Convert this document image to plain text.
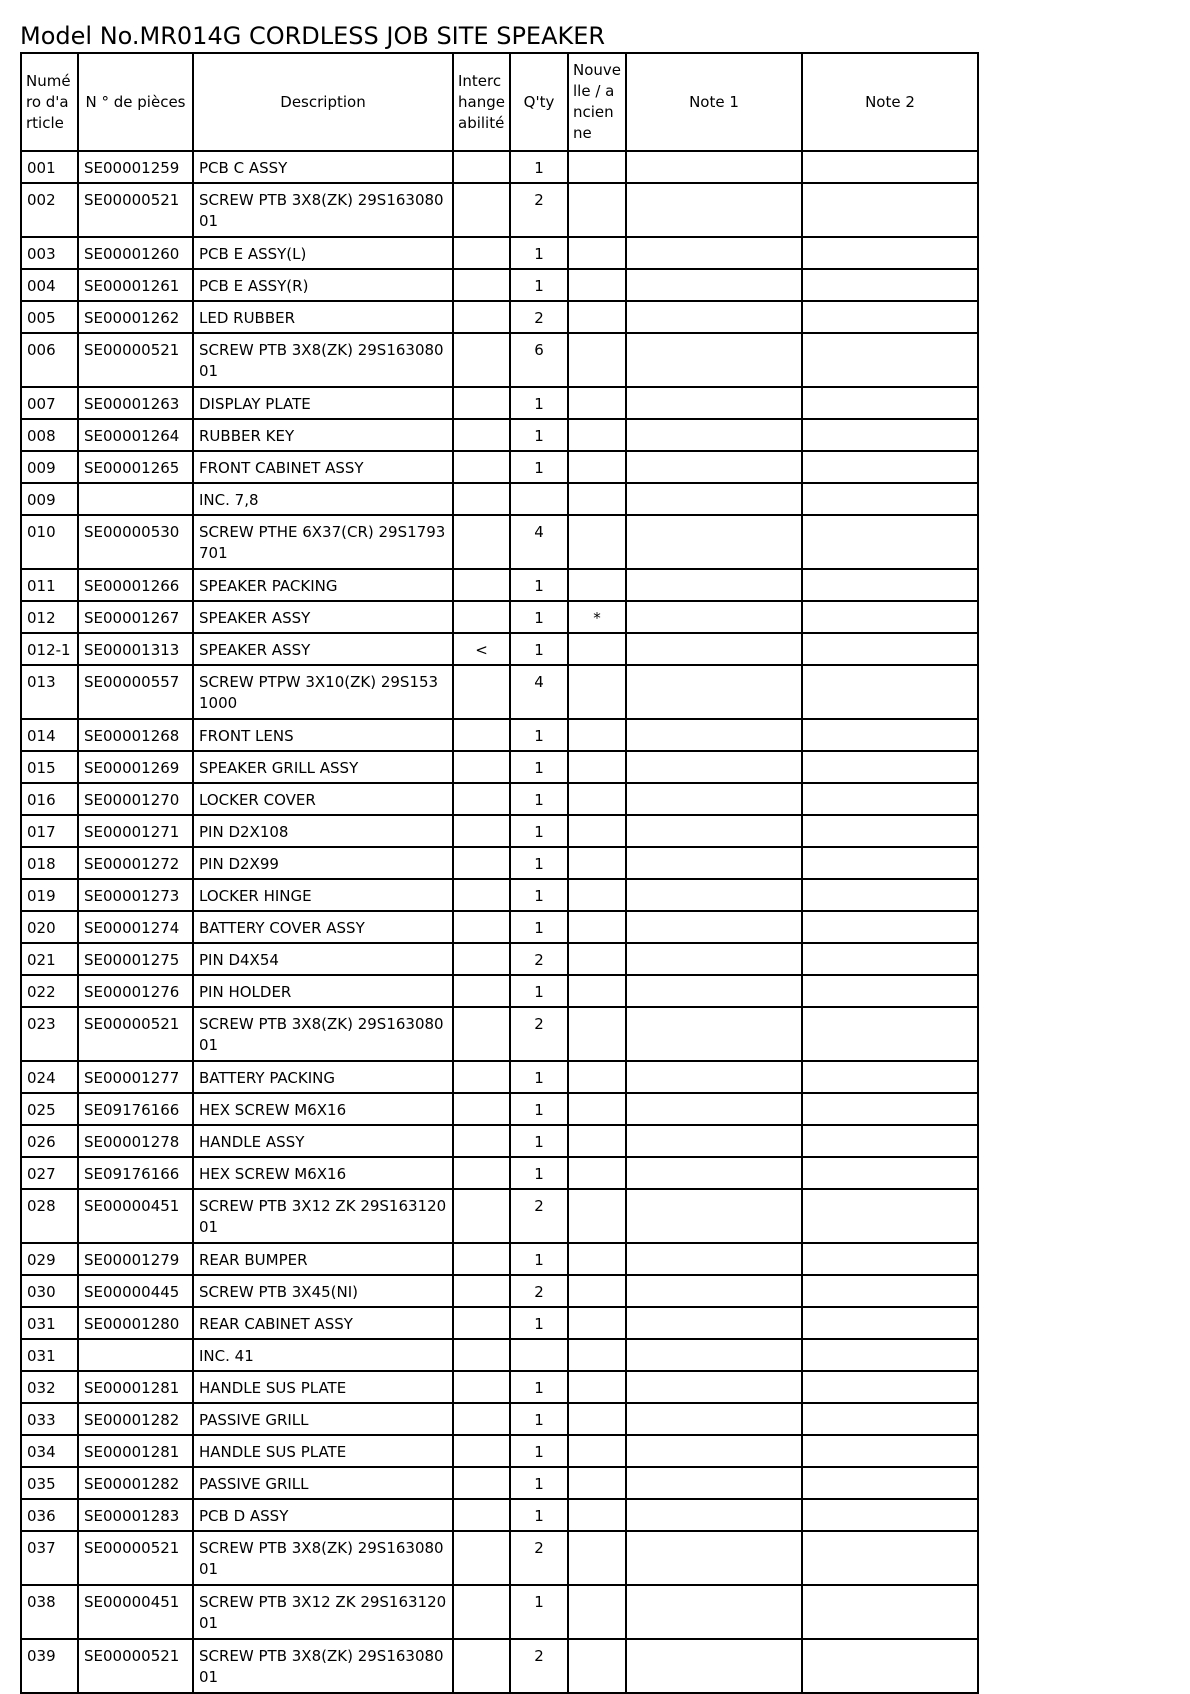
Model No.MR014G CORDLESS JOB SITE SPEAKER
Numéro d'article	N ° de pièces	Description	Interchangeabilité	Q'ty	Nouvelle / ancienne	Note 1	Note 2
001	SE00001259	PCB C ASSY		1			
002	SE00000521	SCREW PTB 3X8(ZK) 29S16308001		2			
003	SE00001260	PCB E ASSY(L)		1			
004	SE00001261	PCB E ASSY(R)		1			
005	SE00001262	LED RUBBER		2			
006	SE00000521	SCREW PTB 3X8(ZK) 29S16308001		6			
007	SE00001263	DISPLAY PLATE		1			
008	SE00001264	RUBBER KEY		1			
009	SE00001265	FRONT CABINET ASSY		1			
009		INC. 7,8					
010	SE00000530	SCREW PTHE 6X37(CR) 29S1793701		4			
011	SE00001266	SPEAKER PACKING		1			
012	SE00001267	SPEAKER ASSY		1	*		
012-1	SE00001313	SPEAKER ASSY	<	1			
013	SE00000557	SCREW PTPW 3X10(ZK) 29S1531000		4			
014	SE00001268	FRONT LENS		1			
015	SE00001269	SPEAKER GRILL ASSY		1			
016	SE00001270	LOCKER COVER		1			
017	SE00001271	PIN D2X108		1			
018	SE00001272	PIN D2X99		1			
019	SE00001273	LOCKER HINGE		1			
020	SE00001274	BATTERY COVER ASSY		1			
021	SE00001275	PIN D4X54		2			
022	SE00001276	PIN HOLDER		1			
023	SE00000521	SCREW PTB 3X8(ZK) 29S16308001		2			
024	SE00001277	BATTERY PACKING		1			
025	SE09176166	HEX SCREW M6X16		1			
026	SE00001278	HANDLE ASSY		1			
027	SE09176166	HEX SCREW M6X16		1			
028	SE00000451	SCREW PTB 3X12 ZK 29S16312001		2			
029	SE00001279	REAR BUMPER		1			
030	SE00000445	SCREW PTB 3X45(NI)		2			
031	SE00001280	REAR CABINET ASSY		1			
031		INC. 41					
032	SE00001281	HANDLE SUS PLATE		1			
033	SE00001282	PASSIVE GRILL		1			
034	SE00001281	HANDLE SUS PLATE		1			
035	SE00001282	PASSIVE GRILL		1			
036	SE00001283	PCB D ASSY		1			
037	SE00000521	SCREW PTB 3X8(ZK) 29S16308001		2			
038	SE00000451	SCREW PTB 3X12 ZK 29S16312001		1			
039	SE00000521	SCREW PTB 3X8(ZK) 29S16308001		2			
